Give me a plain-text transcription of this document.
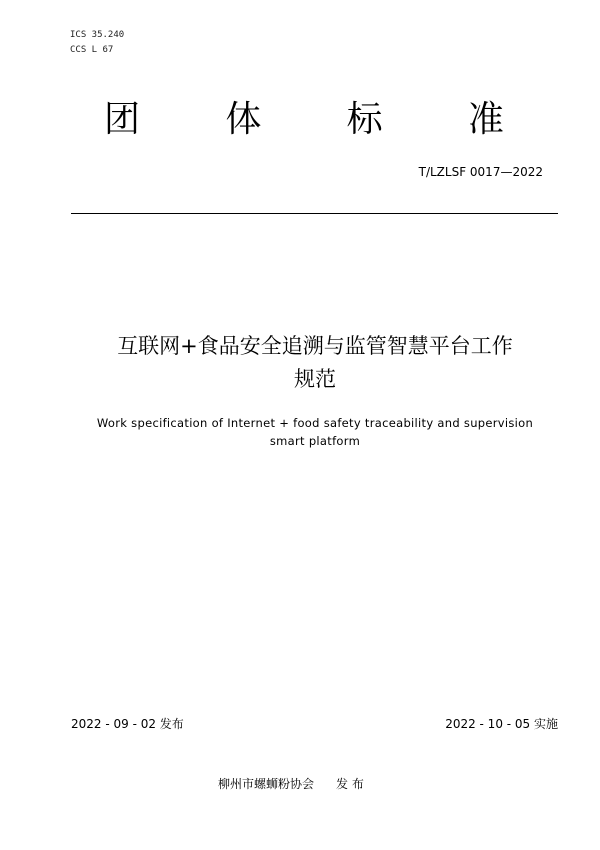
ICS 35.240
CCS L 67
团 体 标 准
T/LZLSF 0017—2022
互联网+食品安全追溯与监管智慧平台工作
规范
Work specification of Internet + food safety traceability and supervision
smart platform
2022 - 09 - 02 发布	2022 - 10 - 05 实施
柳州市螺蛳粉协会 发 布
